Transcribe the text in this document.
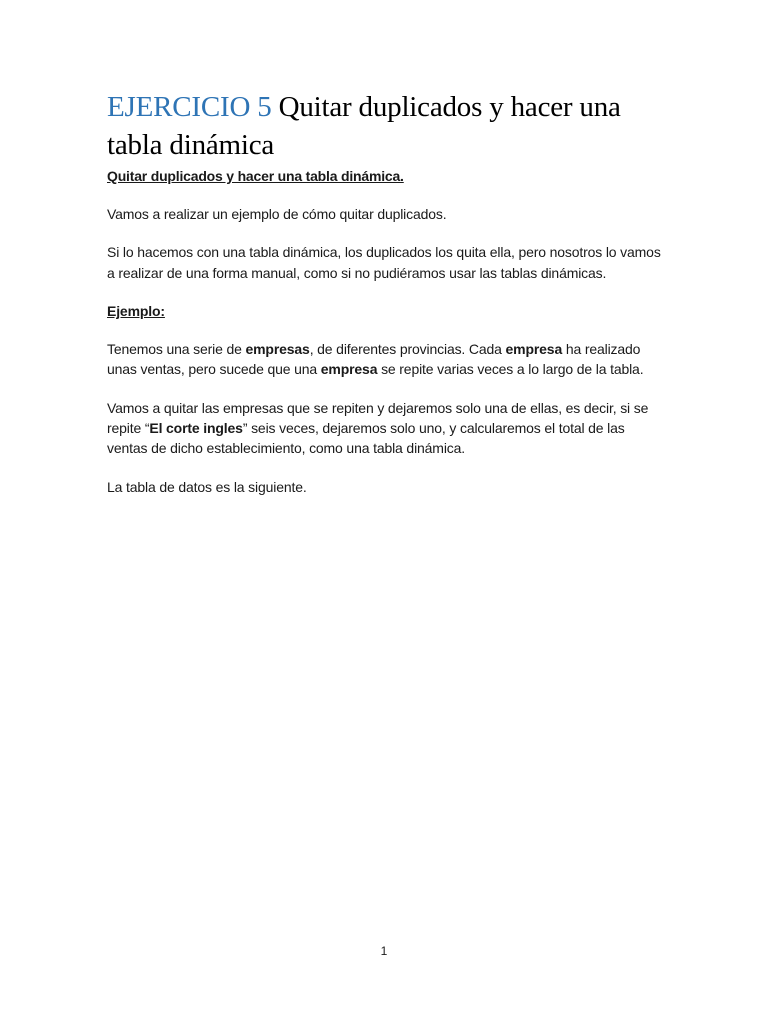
EJERCICIO 5 Quitar duplicados y hacer una tabla dinámica
Quitar duplicados y hacer una tabla dinámica.

Vamos a realizar un ejemplo de cómo quitar duplicados.

Si lo hacemos con una tabla dinámica, los duplicados los quita ella, pero nosotros lo vamos a realizar de una forma manual, como si no pudiéramos usar las tablas dinámicas.

Ejemplo:

Tenemos una serie de empresas, de diferentes provincias. Cada empresa ha realizado unas ventas, pero sucede que una empresa se repite varias veces a lo largo de la tabla.

Vamos a quitar las empresas que se repiten y dejaremos solo una de ellas, es decir, si se repite “El corte ingles” seis veces, dejaremos solo uno, y calcularemos el total de las ventas de dicho establecimiento, como una tabla dinámica.

La tabla de datos es la siguiente.

1
